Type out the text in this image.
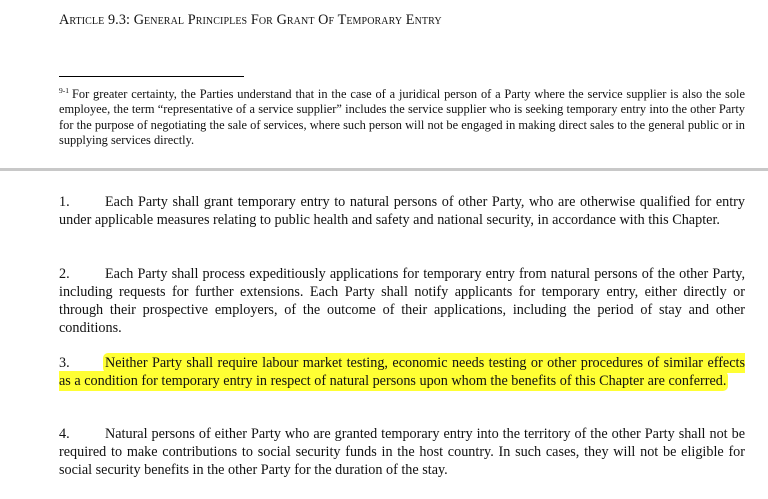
Article 9.3: General Principles For Grant Of Temporary Entry
$^{9-1}$ For greater certainty, the Parties understand that in the case of a juridical person of a Party where the service supplier is also the sole employee, the term “representative of a service supplier” includes the service supplier who is seeking temporary entry into the other Party for the purpose of negotiating the sale of services, where such person will not be engaged in making direct sales to the general public or in supplying services directly.
1. Each Party shall grant temporary entry to natural persons of other Party, who are otherwise qualified for entry under applicable measures relating to public health and safety and national security, in accordance with this Chapter.
2. Each Party shall process expeditiously applications for temporary entry from natural persons of the other Party, including requests for further extensions. Each Party shall notify applicants for temporary entry, either directly or through their prospective employers, of the outcome of their applications, including the period of stay and other conditions.
3. Neither Party shall require labour market testing, economic needs testing or other procedures of similar effects as a condition for temporary entry in respect of natural persons upon whom the benefits of this Chapter are conferred.
4. Natural persons of either Party who are granted temporary entry into the territory of the other Party shall not be required to make contributions to social security funds in the host country. In such cases, they will not be eligible for social security benefits in the other Party for the duration of the stay.
